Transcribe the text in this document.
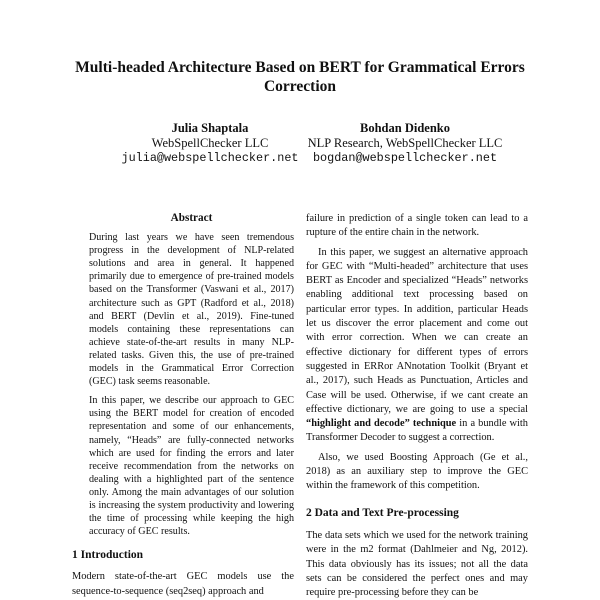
Multi-headed Architecture Based on BERT for Grammatical Errors Correction
Julia Shaptala
WebSpellChecker LLC
julia@webspellchecker.net
Bohdan Didenko
NLP Research, WebSpellChecker LLC
bogdan@webspellchecker.net
Abstract

During last years we have seen tremendous progress in the development of NLP-related solutions and area in general. It happened primarily due to emergence of pre-trained models based on the Transformer (Vaswani et al., 2017) architecture such as GPT (Radford et al., 2018) and BERT (Devlin et al., 2019). Fine-tuned models containing these representations can achieve state-of-the-art results in many NLP-related tasks. Given this, the use of pre-trained models in the Grammatical Error Correction (GEC) task seems reasonable.

In this paper, we describe our approach to GEC using the BERT model for creation of encoded representation and some of our enhancements, namely, “Heads” are fully-connected networks which are used for finding the errors and later receive recommendation from the networks on dealing with a highlighted part of the sentence only. Among the main advantages of our solution is increasing the system productivity and lowering the time of processing while keeping the high accuracy of GEC results.

1 Introduction

Modern state-of-the-art GEC models use the sequence-to-sequence (seq2seq) approach and

failure in prediction of a single token can lead to a rupture of the entire chain in the network.

In this paper, we suggest an alternative approach for GEC with “Multi-headed” architecture that uses BERT as Encoder and specialized “Heads” networks enabling additional text processing based on particular error types. In addition, particular Heads let us discover the error placement and come out with error correction. When we can create an effective dictionary for different types of errors suggested in ERRor ANnotation Toolkit (Bryant et al., 2017), such Heads as Punctuation, Articles and Case will be used. Otherwise, if we cant create an effective dictionary, we are going to use a special “highlight and decode” technique in a bundle with Transformer Decoder to suggest a correction.

Also, we used Boosting Approach (Ge et al., 2018) as an auxiliary step to improve the GEC within the framework of this competition.

2 Data and Text Pre-processing

The data sets which we used for the network training were in the m2 format (Dahlmeier and Ng, 2012). This data obviously has its issues; not all the data sets can be considered the perfect ones and may require pre-processing before they can be
